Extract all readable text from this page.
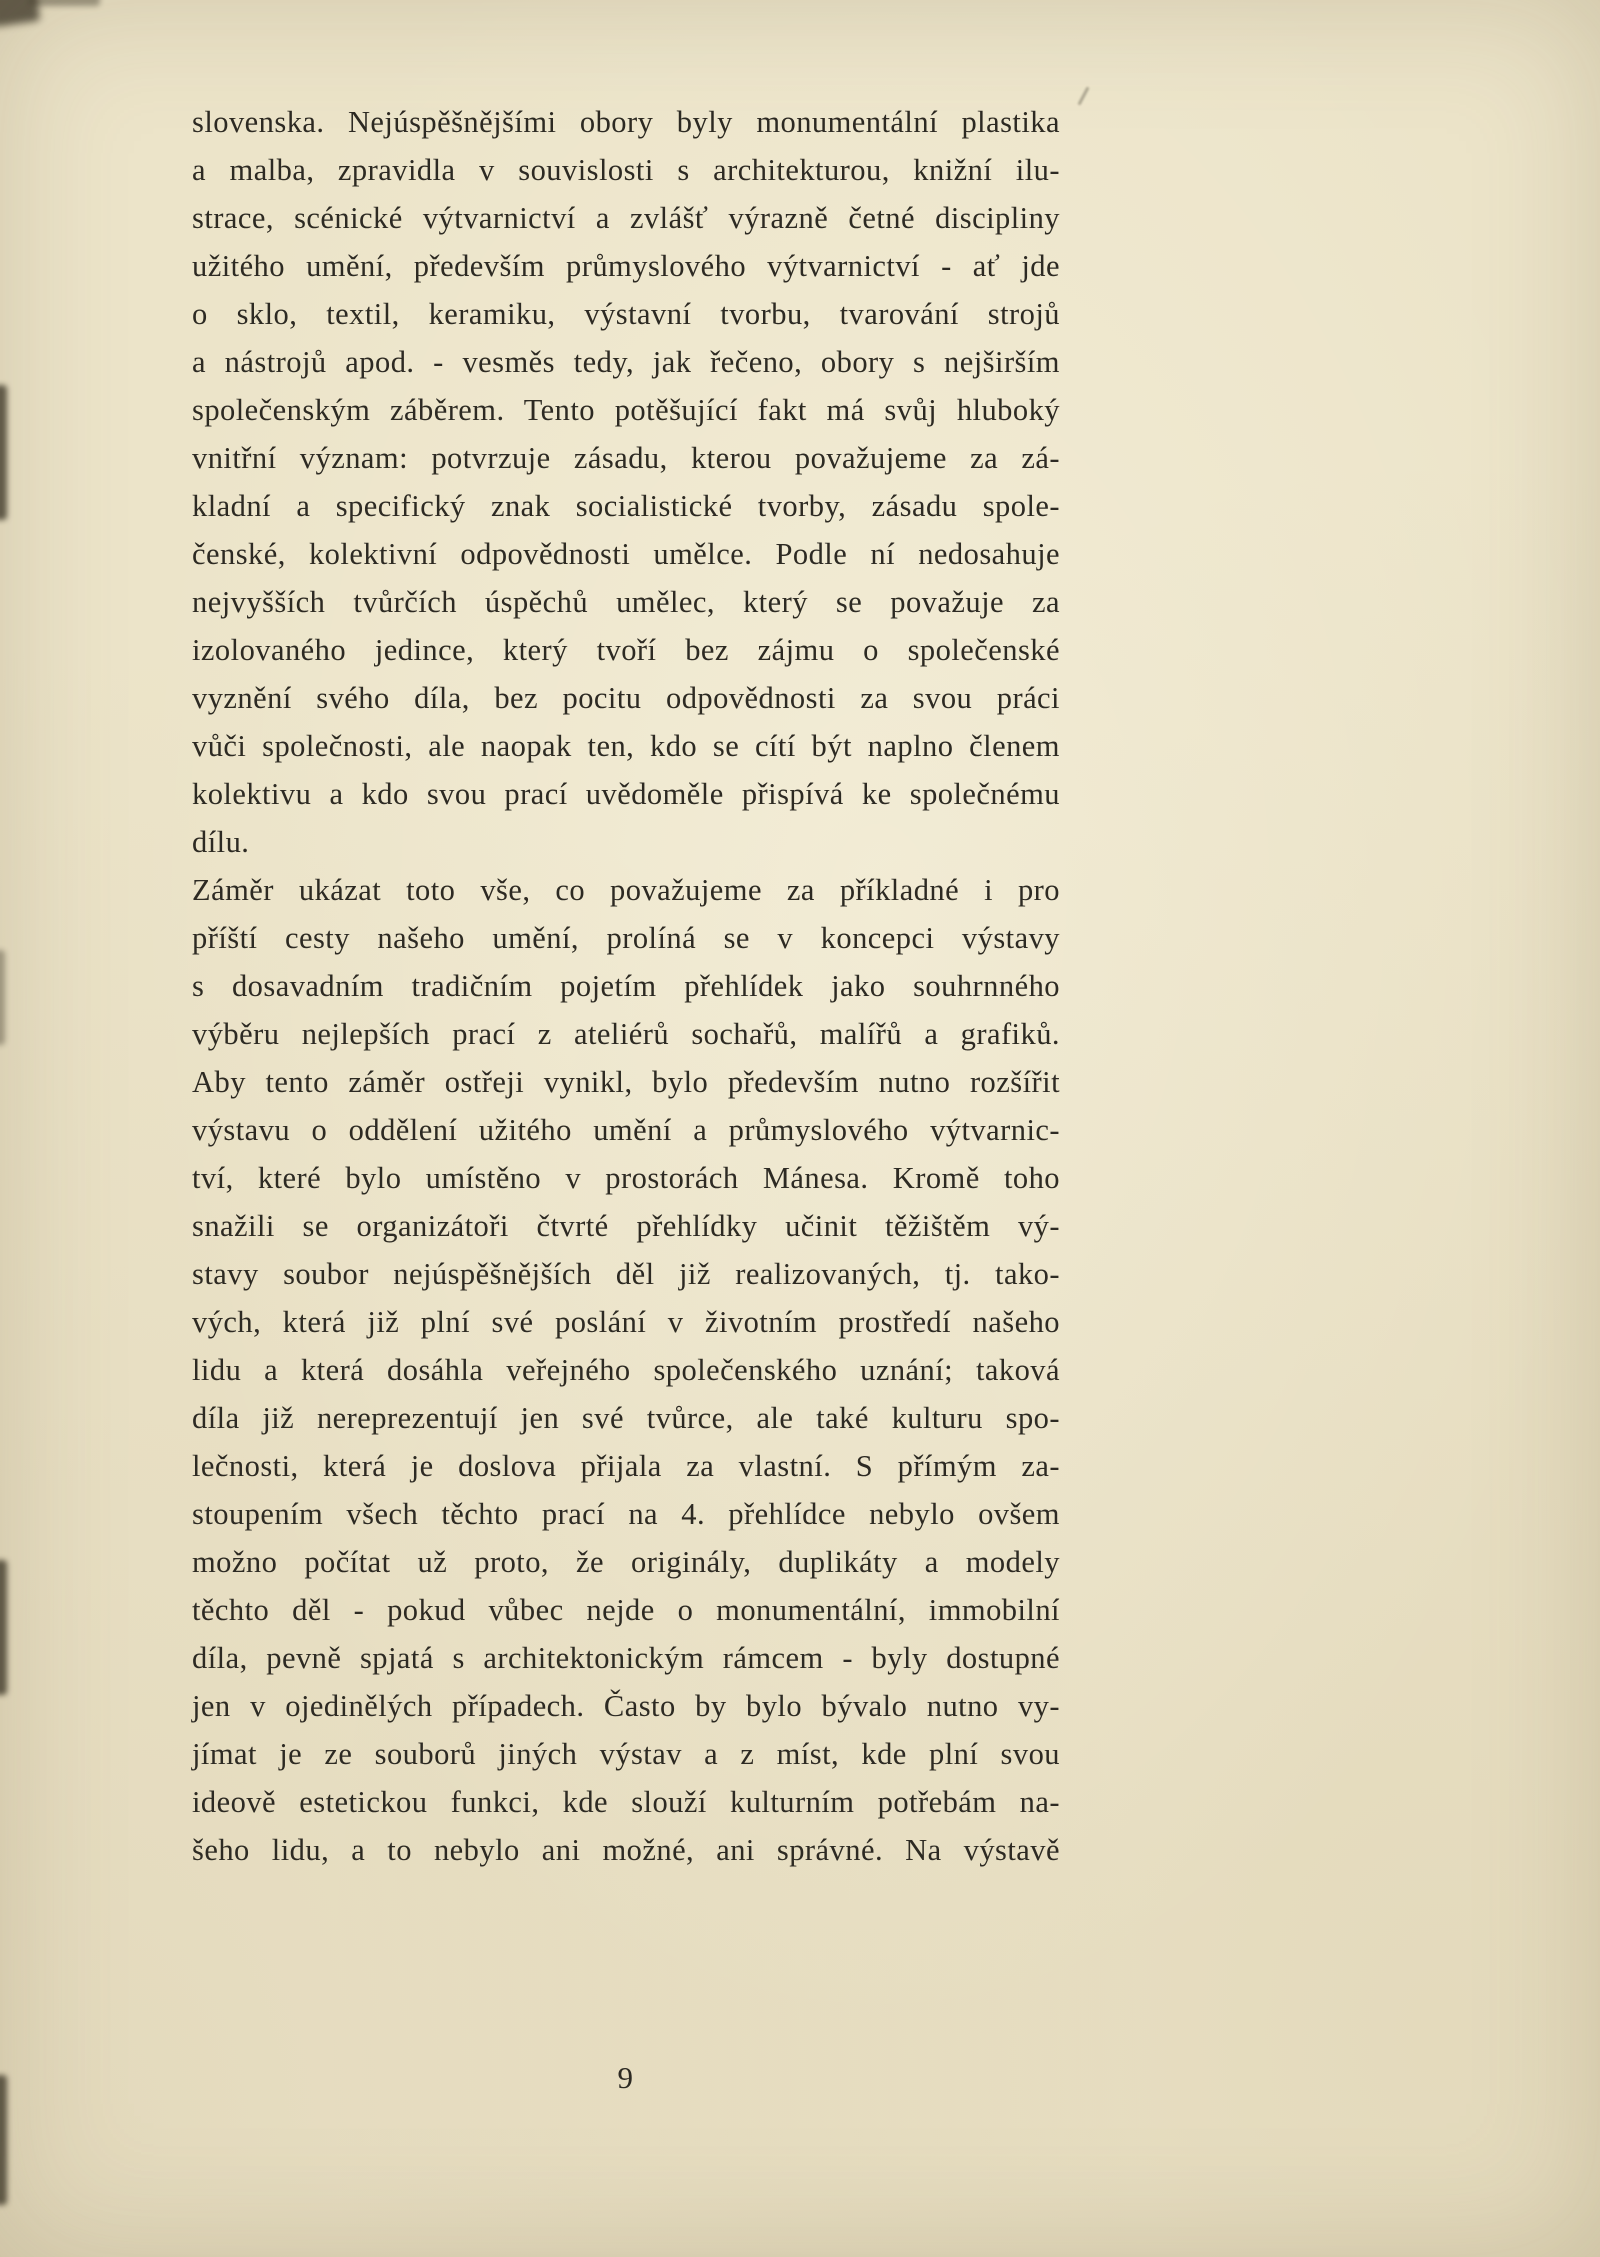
slovenska. Nejúspěšnějšími obory byly monumentální plastika
a malba, zpravidla v souvislosti s architekturou, knižní ilu-
strace, scénické výtvarnictví a zvlášť výrazně četné discipliny
užitého umění, především průmyslového výtvarnictví - ať jde
o sklo, textil, keramiku, výstavní tvorbu, tvarování strojů
a nástrojů apod. - vesměs tedy, jak řečeno, obory s nejširším
společenským záběrem. Tento potěšující fakt má svůj hluboký
vnitřní význam: potvrzuje zásadu, kterou považujeme za zá-
kladní a specifický znak socialistické tvorby, zásadu spole-
čenské, kolektivní odpovědnosti umělce. Podle ní nedosahuje
nejvyšších tvůrčích úspěchů umělec, který se považuje za
izolovaného jedince, který tvoří bez zájmu o společenské
vyznění svého díla, bez pocitu odpovědnosti za svou práci
vůči společnosti, ale naopak ten, kdo se cítí být naplno členem
kolektivu a kdo svou prací uvědoměle přispívá ke společnému
dílu.

Záměr ukázat toto vše, co považujeme za příkladné i pro
příští cesty našeho umění, prolíná se v koncepci výstavy
s dosavadním tradičním pojetím přehlídek jako souhrnného
výběru nejlepších prací z ateliérů sochařů, malířů a grafiků.
Aby tento záměr ostřeji vynikl, bylo především nutno rozšířit
výstavu o oddělení užitého umění a průmyslového výtvarnic-
tví, které bylo umístěno v prostorách Mánesa. Kromě toho
snažili se organizátoři čtvrté přehlídky učinit těžištěm vý-
stavy soubor nejúspěšnějších děl již realizovaných, tj. tako-
vých, která již plní své poslání v životním prostředí našeho
lidu a která dosáhla veřejného společenského uznání; taková
díla již nereprezentují jen své tvůrce, ale také kulturu spo-
lečnosti, která je doslova přijala za vlastní. S přímým za-
stoupením všech těchto prací na 4. přehlídce nebylo ovšem
možno počítat už proto, že originály, duplikáty a modely
těchto děl - pokud vůbec nejde o monumentální, immobilní
díla, pevně spjatá s architektonickým rámcem - byly dostupné
jen v ojedinělých případech. Často by bylo bývalo nutno vy-
jímat je ze souborů jiných výstav a z míst, kde plní svou
ideově estetickou funkci, kde slouží kulturním potřebám na-
šeho lidu, a to nebylo ani možné, ani správné. Na výstavě

9
